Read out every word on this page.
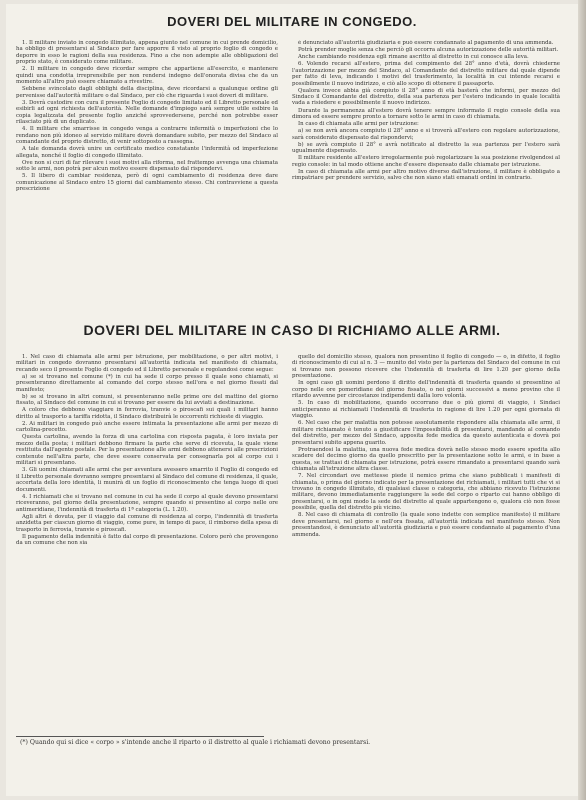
DOVERI DEL MILITARE IN CONGEDO.

1. Il militare inviato in congedo illimitato, appena giunto nel comune in cui prende domicilio, ha obbligo di presentarsi al Sindaco per fare apporre il visto al proprio foglio di congedo e deporre in esso le ragioni della sua residenza. Fino a che non adempie alle obbligazioni del proprio stato, è considerato come militare.

2. Il militare in congedo deve ricordar sempre che appartiene all'esercito, e mantenere quindi una condotta irreprensibile per non rendersi indegno dell'onorata divisa che da un momento all'altro può essere chiamato a rivestire.

Sebbene svincolato dagli obblighi della disciplina, deve ricordarsi a qualunque ordine gli pervenisse dall'autorità militare o dal Sindaco, per ciò che riguarda i suoi doveri di militare.

3. Dovrà custodire con cura il presente Foglio di congedo limitato ed il Libretto personale ed esibirli ad ogni richiesta dell'autorità. Nelle domande d'impiego sarà sempre utile esibire la copia legalizzata del presente foglio anziché sprovvedersene, perché non potrebbe esser rilasciato più di un duplicato.

4. Il militare che smarrisse in congedo venga a contrarre infermità o imperfezioni che lo rendano non più idoneo al servizio militare dovrà domandare subito, per mezzo del Sindaco al comandante del proprio distretto, di venir sottoposto a rassegna.

A tale domanda dovrà unire un certificato medico constatante l'infermità od imperfezione allegata, nonché il foglio di congedo illimitato.

Ove non si curi di far rilevare i suoi motivi alla riforma, nel frattempo avvenga una chiamata sotto le armi, non potrà per alcun motivo essere dispensato dal rispondervi.

5. Il libero di cambiar residenza, però di ogni cambiamento di residenza deve dare comunicazione al Sindaco entro 15 giorni dal cambiamento stesso. Chi contravviene a questa prescrizione

è denunciato all'autorità giudiziaria e può essere condannato al pagamento di una ammenda.

Potrà prender moglie senza che perciò gli occorra alcuna autorizzazione delle autorità militari.

Anche cambiando residenza egli rimane ascritto al distretto in cui conosce alla leva.

6. Volendo recarsi all'estero, prima del compimento del 28° anno d'età, dovrà chiederne l'autorizzazione per mezzo del Sindaco, al Comandante del distretto militare dal quale dipende per fatto di leva, indicando i motivi del trasferimento, la località in cui intende recarsi e possibilmente il nuovo indirizzo, e ciò allo scopo di ottenere il passaporto.

Qualora invece abbia già compiuto il 28° anno di età basterà che informi, per mezzo del Sindaco il Comandante del distretto, della sua partenza per l'estero indicando in quale località vada a risiedere e possibilmente il nuovo indirizzo.

Durante la permanenza all'estero dovrà tenere sempre informato il regio console della sua dimora ed essere sempre pronto a tornare sotto le armi in caso di chiamata.

In caso di chiamata alle armi per istruzione:

a) se non avrà ancora compiuto il 28° anno e si troverà all'estero con regolare autorizzazione, sarà considerato dispensato dal rispondervi;

b) se avrà compiuto il 28° e avrà notificato al distretto la sua partenza per l'estero sarà ugualmente dispensato.

Il militare residente all'estero irregolarmente può regolarizzare la sua posizione rivolgendosi al regio console: in tal modo ottiene anche d'essere dispensato dalle chiamate per istruzione.

In caso di chiamata alle armi per altro motivo diverso dall'istruzione, il militare è obbligato a rimpatriare per prendere servizio, salvo che non siano stati emanati ordini in contrario.

DOVERI DEL MILITARE IN CASO DI RICHIAMO ALLE ARMI.

1. Nel caso di chiamata alle armi per istruzione, per mobilitazione, o per altri motivi, i militari in congedo dovranno presentarsi all'autorità indicata nel manifesto di chiamata, recando seco il presente Foglio di congedo ed il Libretto personale e regolandosi come segue:

a) se si trovano nel comune (*) in cui ha sede il corpo presso il quale sono chiamati, si presenteranno direttamente al comando del corpo stesso nell'ora e nel giorno fissati dal manifesto;

b) se si trovano in altri comuni, si presenteranno nelle prime ore del mattino del giorno fissato, al Sindaco del comune in cui si trovano per essere da lui avviati a destinazione.

A coloro che debbono viaggiare in ferrovia, tranvie o piroscafi sui quali i militari hanno diritto al trasporto a tariffa ridotta, il Sindaco distribuirà le occorrenti richieste di viaggio.

2. Ai militari in congedo può anche essere intimata la presentazione alle armi per mezzo di cartolina-precetto.

Questa cartolina, avendo la forza di una cartolina con risposta pagata, è loro inviata per mezzo della posta; i militari debbono firmare la parte che serve di ricevuta, la quale viene restituita dall'agente postale. Per la presentazione alle armi debbono attenersi alle prescrizioni contenute nell'altra parte, che deve essere conservata per consegnarla poi al corpo cui i militari si presentano.

3. Gli uomini chiamati alle armi che per avventura avessero smarrito il Foglio di congedo ed il Libretto personale dovranno sempre presentarsi al Sindaco del comune di residenza, il quale, accertata della loro identità, li munirà di un foglio di riconoscimento che tenga luogo di quei documenti.

4. I richiamati che si trovano nel comune in cui ha sede il corpo al quale devono presentarsi riceveranno, pel giorno della presentazione, sempre quando si presentino al corpo nelle ore antimeridiane, l'indennità di trasferta di 1ª categoria (L. 1.20).

Agli altri è dovuta, per il viaggio dal comune di residenza al corpo, l'indennità di trasferta anzidetta per ciascun giorno di viaggio, come pure, in tempo di pace, il rimborso della spesa di trasporto in ferrovia, tranvie e piroscafi.

Il pagamento della indennità è fatto dal corpo di presentazione. Coloro però che provengono da un comune che non sia

quello del domicilio stesso, qualora non presentino il foglio di congedo — o, in difetto, il foglio di riconoscimento di cui al n. 3 — munito del visto per la partenza del Sindaco del comune in cui si trovano non possono ricevere che l'indennità di trasferta di lire 1.20 per giorno della presentazione.

In ogni caso gli uomini perdono il diritto dell'indennità di trasferta quando si presentino al corpo nelle ore pomeridiane del giorno fissato, o nei giorni successivi a meno provino che il ritardo avvenne per circostanze indipendenti dalla loro volontà.

5. In caso di mobilitazione, quando occorrano due o più giorni di viaggio, i Sindaci anticiperanno ai richiamati l'indennità di trasferta in ragione di lire 1.20 per ogni giornata di viaggio.

6. Nel caso che per malattia non potesse assolutamente rispondere alla chiamata alle armi, il militare richiamato è tenuto a giustificare l'impossibilità di presentarsi, mandando al comando del distretto, per mezzo del Sindaco, apposita fede medica da questo autenticata e dovrà poi presentarsi subito appena guarito.

Protraendosi la malattia, una nuova fede medica dovrà nello stesso modo essere spedita allo scadere del decimo giorno da quello prescritto per la presentazione sotto le armi, e in base a questa, se trattasi di chiamata per istruzione, potrà essere rimandato a presentarsi quando sarà chiamata all'istruzione altra classe.

7. Nel circondari ove mettesse piede il nemico prima che siano pubblicati i manifesti di chiamata, o prima del giorno indicato per la presentazione dei richiamati, i militari tutti che vi si trovano in congedo illimitato, di qualsiasi classe o categoria, che abbiano ricevuto l'istruzione militare, devono immediatamente raggiungere la sede del corpo o riparto cui hanno obbligo di presentarsi, o in ogni modo la sede del distretto al quale appartengono o, qualora ciò non fosse possibile, quella del distretto più vicino.

8. Nel caso di chiamata di controllo (la quale sono indette con semplice manifesto) il militare deve presentarsi, nel giorno e nell'ora fissata, all'autorità indicata nel manifesto stesso. Non presentandosi, è denunciato all'autorità giudiziaria e può essere condannato al pagamento d'una ammenda.

(*) Quando qui si dice « corpo » s'intende anche il riparto o il distretto al quale i richiamati devono presentarsi.
